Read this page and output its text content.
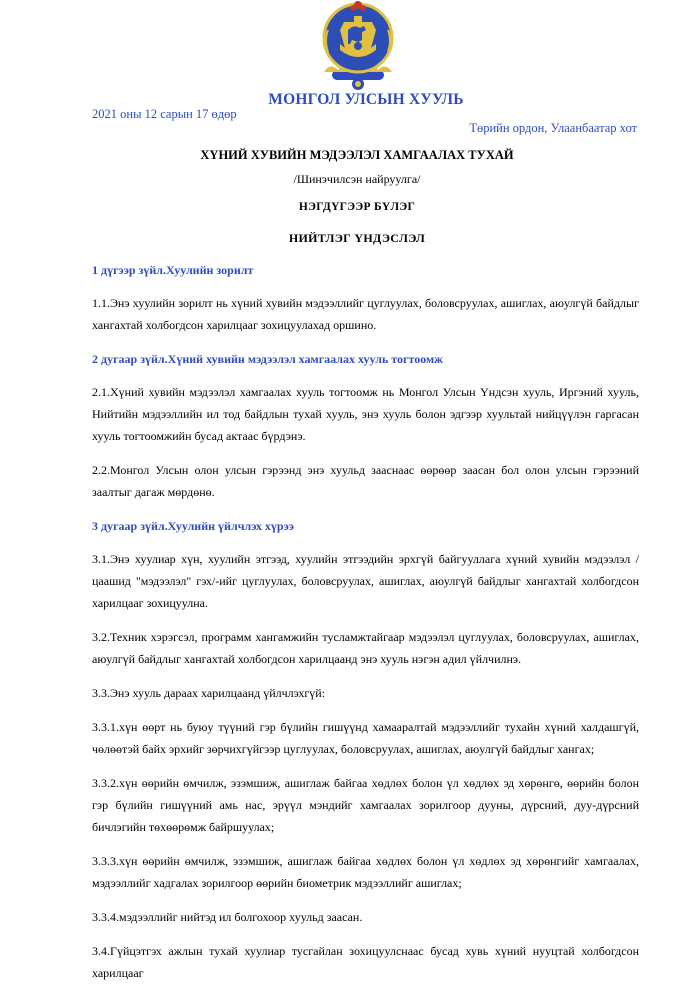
МОНГОЛ УЛСЫН ХУУЛЬ
2021 оны 12 сарын 17 өдөр
Төрийн ордон, Улаанбаатар хот
ХҮНИЙ ХУВИЙН МЭДЭЭЛЭЛ ХАМГААЛАХ ТУХАЙ
/Шинэчилсэн найруулга/
НЭГДҮГЭЭР БҮЛЭГ
НИЙТЛЭГ ҮНДЭСЛЭЛ
1 дүгээр зүйл.Хуулийн зорилт

1.1.Энэ хуулийн зорилт нь хүний хувийн мэдээллийг цуглуулах, боловсруулах, ашиглах, аюулгүй байдлыг хангахтай холбогдсон харилцааг зохицуулахад оршино.

2 дугаар зүйл.Хүний хувийн мэдээлэл хамгаалах хууль тогтоомж

2.1.Хүний хувийн мэдээлэл хамгаалах хууль тогтоомж нь Монгол Улсын Үндсэн хууль, Иргэний хууль, Нийтийн мэдээллийн ил тод байдлын тухай хууль, энэ хууль болон эдгээр хуультай нийцүүлэн гаргасан хууль тогтоомжийн бусад актаас бүрдэнэ.

2.2.Монгол Улсын олон улсын гэрээнд энэ хуульд зааснаас өөрөөр заасан бол олон улсын гэрээний заалтыг дагаж мөрдөнө.

3 дугаар зүйл.Хуулийн үйлчлэх хүрээ

3.1.Энэ хуулиар хүн, хуулийн этгээд, хуулийн этгээдийн эрхгүй байгууллага хүний хувийн мэдээлэл /цаашид "мэдээлэл" гэх/-ийг цуглуулах, боловсруулах, ашиглах, аюулгүй байдлыг хангахтай холбогдсон харилцааг зохицуулна.

3.2.Техник хэрэгсэл, программ хангамжийн тусламжтайгаар мэдээлэл цуглуулах, боловсруулах, ашиглах, аюулгүй байдлыг хангахтай холбогдсон харилцаанд энэ хууль нэгэн адил үйлчилнэ.

3.3.Энэ хууль дараах харилцаанд үйлчлэхгүй:

3.3.1.хүн өөрт нь буюу түүний гэр бүлийн гишүүнд хамааралтай мэдээллийг тухайн хүний халдашгүй, чөлөөтэй байх эрхийг зөрчихгүйгээр цуглуулах, боловсруулах, ашиглах, аюулгүй байдлыг хангах;

3.3.2.хүн өөрийн өмчилж, эзэмшиж, ашиглаж байгаа хөдлөх болон үл хөдлөх эд хөрөнгө, өөрийн болон гэр бүлийн гишүүний амь нас, эрүүл мэндийг хамгаалах зорилгоор дууны, дүрсний, дуу-дүрсний бичлэгийн төхөөрөмж байршуулах;

3.3.3.хүн өөрийн өмчилж, эзэмшиж, ашиглаж байгаа хөдлөх болон үл хөдлөх эд хөрөнгийг хамгаалах, мэдээллийг хадгалах зорилгоор өөрийн биометрик мэдээллийг ашиглах;

3.3.4.мэдээллийг нийтэд ил болгохоор хуульд заасан.

3.4.Гүйцэтгэх ажлын тухай хуулиар тусгайлан зохицуулснаас бусад хувь хүний нууцтай холбогдсон харилцааг
